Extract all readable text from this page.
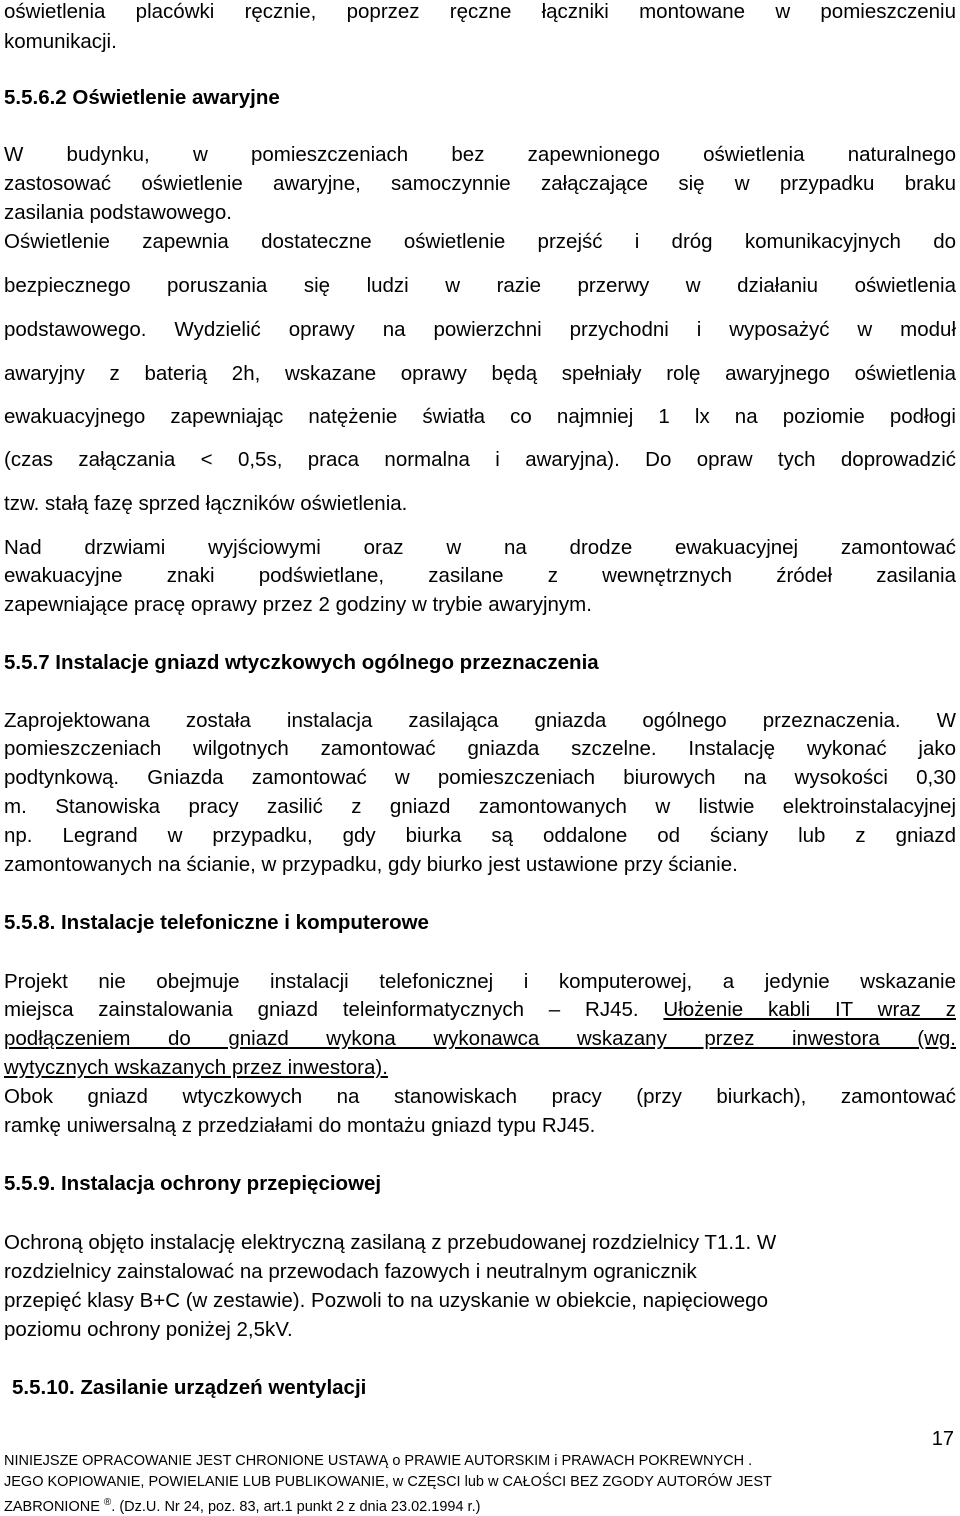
oświetlenia placówki ręcznie, poprzez ręczne łączniki montowane w pomieszczeniu
komunikacji.
5.5.6.2 Oświetlenie awaryjne
W budynku, w pomieszczeniach bez zapewnionego oświetlenia naturalnego
zastosować oświetlenie awaryjne, samoczynnie załączające się w przypadku braku
zasilania podstawowego.
Oświetlenie zapewnia dostateczne oświetlenie przejść i dróg komunikacyjnych do
bezpiecznego poruszania się ludzi w razie przerwy w działaniu oświetlenia
podstawowego. Wydzielić oprawy na powierzchni przychodni i wyposażyć w moduł
awaryjny z baterią 2h, wskazane oprawy będą spełniały rolę awaryjnego oświetlenia
ewakuacyjnego zapewniając natężenie światła co najmniej 1 lx na poziomie podłogi
(czas załączania < 0,5s, praca normalna i awaryjna). Do opraw tych doprowadzić
tzw. stałą fazę sprzed łączników oświetlenia.
Nad drzwiami wyjściowymi oraz w na drodze ewakuacyjnej zamontować
ewakuacyjne znaki podświetlane, zasilane z wewnętrznych źródeł zasilania
zapewniające pracę oprawy przez 2 godziny w trybie awaryjnym.
5.5.7 Instalacje gniazd wtyczkowych ogólnego przeznaczenia
Zaprojektowana została instalacja zasilająca gniazda ogólnego przeznaczenia. W
pomieszczeniach wilgotnych zamontować gniazda szczelne. Instalację wykonać jako
podtynkową. Gniazda zamontować w pomieszczeniach biurowych na wysokości 0,30
m. Stanowiska pracy zasilić z gniazd zamontowanych w listwie elektroinstalacyjnej
np. Legrand w przypadku, gdy biurka są oddalone od ściany lub z gniazd
zamontowanych na ścianie, w przypadku, gdy biurko jest ustawione przy ścianie.
5.5.8. Instalacje telefoniczne i komputerowe
Projekt nie obejmuje instalacji telefonicznej i komputerowej, a jedynie wskazanie
miejsca zainstalowania gniazd teleinformatycznych – RJ45. Ułożenie kabli IT wraz z
podłączeniem do gniazd wykona wykonawca wskazany przez inwestora (wg.
wytycznych wskazanych przez inwestora).
Obok gniazd wtyczkowych na stanowiskach pracy (przy biurkach), zamontować
ramkę uniwersalną z przedziałami do montażu gniazd typu RJ45.
5.5.9. Instalacja ochrony przepięciowej
Ochroną objęto instalację elektryczną zasilaną z przebudowanej rozdzielnicy T1.1. W
rozdzielnicy zainstalować na przewodach fazowych i neutralnym ogranicznik
przepięć klasy B+C (w zestawie). Pozwoli to na uzyskanie w obiekcie, napięciowego
poziomu ochrony poniżej 2,5kV.
5.5.10. Zasilanie urządzeń wentylacji
17
NINIEJSZE OPRACOWANIE JEST CHRONIONE USTAWĄ o PRAWIE AUTORSKIM i PRAWACH POKREWNYCH .
JEGO KOPIOWANIE, POWIELANIE LUB PUBLIKOWANIE, w CZĘSCI lub w CAŁOŚCI BEZ ZGODY AUTORÓW JEST
ZABRONIONE ®. (Dz.U. Nr 24, poz. 83, art.1 punkt 2 z dnia 23.02.1994 r.)
